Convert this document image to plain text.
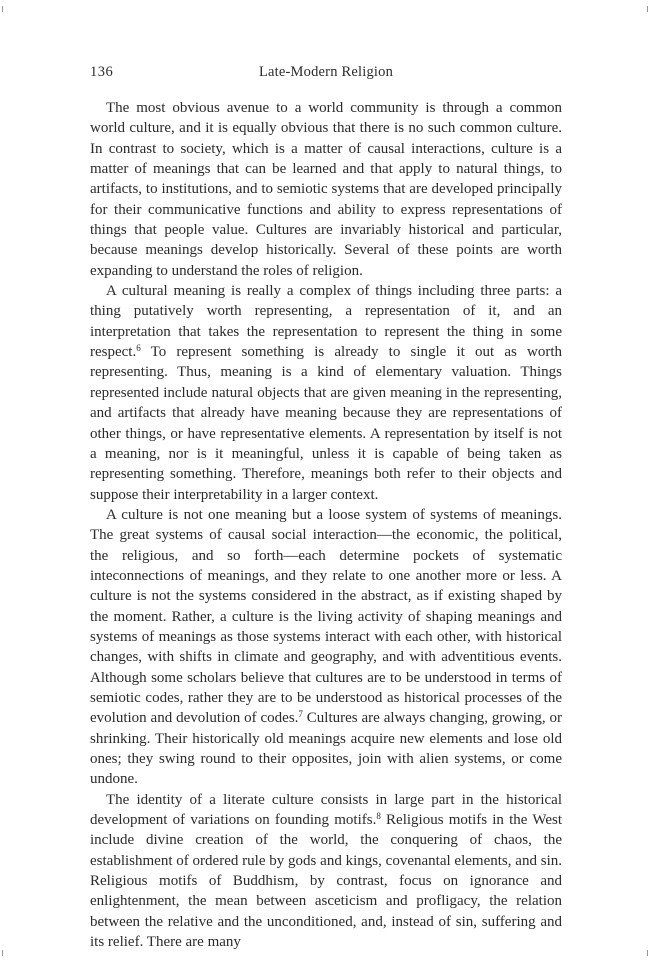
136	Late-Modern Religion

The most obvious avenue to a world community is through a common world culture, and it is equally obvious that there is no such common culture. In contrast to society, which is a matter of causal interactions, culture is a matter of meanings that can be learned and that apply to natural things, to artifacts, to institutions, and to semiotic systems that are developed principally for their communicative functions and ability to express representations of things that people value. Cultures are invariably historical and particular, because meanings develop historically. Several of these points are worth expanding to understand the roles of religion.

A cultural meaning is really a complex of things including three parts: a thing putatively worth representing, a representation of it, and an interpretation that takes the representation to represent the thing in some respect.$^6$ To represent something is already to single it out as worth representing. Thus, meaning is a kind of elementary valuation. Things represented include natural objects that are given meaning in the representing, and artifacts that already have meaning because they are representations of other things, or have representative elements. A representation by itself is not a meaning, nor is it meaningful, unless it is capable of being taken as representing something. Therefore, meanings both refer to their objects and suppose their interpretability in a larger context.

A culture is not one meaning but a loose system of systems of meanings. The great systems of causal social interaction—the economic, the political, the religious, and so forth—each determine pockets of systematic inteconnections of meanings, and they relate to one another more or less. A culture is not the systems considered in the abstract, as if existing shaped by the moment. Rather, a culture is the living activity of shaping meanings and systems of meanings as those systems interact with each other, with historical changes, with shifts in climate and geography, and with adventitious events. Although some scholars believe that cultures are to be understood in terms of semiotic codes, rather they are to be understood as historical processes of the evolution and devolution of codes.$^7$ Cultures are always changing, growing, or shrinking. Their historically old meanings acquire new elements and lose old ones; they swing round to their opposites, join with alien systems, or come undone.

The identity of a literate culture consists in large part in the historical development of variations on founding motifs.$^8$ Religious motifs in the West include divine creation of the world, the conquering of chaos, the establishment of ordered rule by gods and kings, covenantal elements, and sin. Religious motifs of Buddhism, by contrast, focus on ignorance and enlightenment, the mean between asceticism and profligacy, the relation between the relative and the unconditioned, and, instead of sin, suffering and its relief. There are many
